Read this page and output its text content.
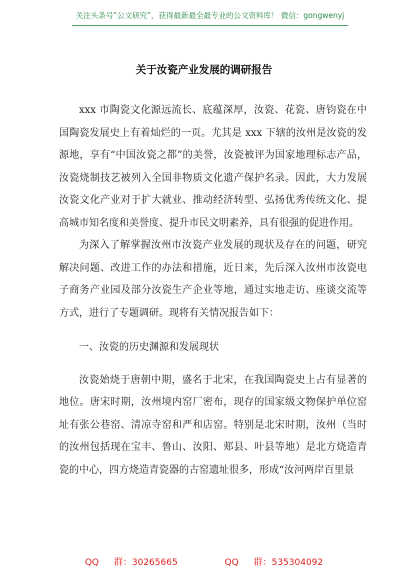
关注头条号“公文研究”，获得最新最全最专业的公文资料库！ 微信：gongwenyj
关于汝瓷产业发展的调研报告

xxx 市陶瓷文化源远流长、底蕴深厚，汝瓷、花瓷、唐钧瓷在中国陶瓷发展史上有着灿烂的一页。尤其是 xxx 下辖的汝州是汝瓷的发源地，享有“中国汝瓷之都”的美誉，汝瓷被评为国家地理标志产品，汝瓷烧制技艺被列入全国非物质文化遗产保护名录。因此，大力发展汝瓷文化产业对于扩大就业、推动经济转型、弘扬优秀传统文化、提高城市知名度和美誉度、提升市民文明素养，具有很强的促进作用。

为深入了解掌握汝州市汝瓷产业发展的现状及存在的问题，研究解决问题、改进工作的办法和措施，近日来，先后深入汝州市汝瓷电子商务产业园及部分汝瓷生产企业等地，通过实地走访、座谈交流等方式，进行了专题调研。现将有关情况报告如下：

一、汝瓷的历史渊源和发展现状

汝瓷始烧于唐朝中期，盛名于北宋，在我国陶瓷史上占有显著的地位。唐宋时期，汝州境内窑厂密布，现存的国家级文物保护单位窑址有张公巷窑、清凉寺窑和严和店窑。特别是北宋时期，汝州（当时的汝州包括现在宝丰、鲁山、汝阳、郏县、叶县等地）是北方烧造青瓷的中心，四方烧造青瓷器的古窑遗址很多，形成“汝河两岸百里景

QQ 群：30265665	QQ 群：535304092
